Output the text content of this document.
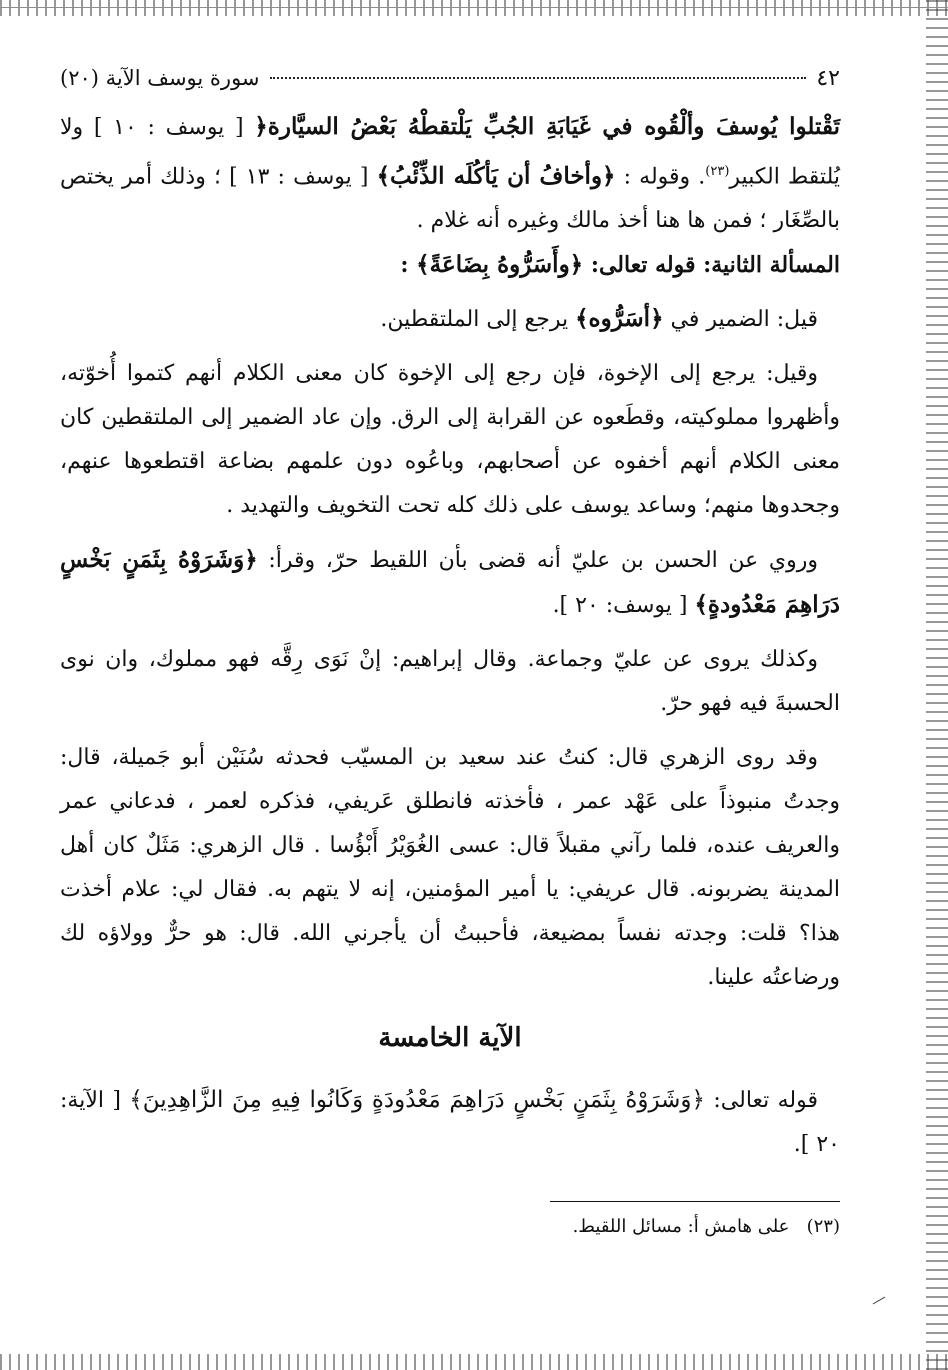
٤٢
سورة يوسف الآية (٢٠)

تَقْتلوا يُوسفَ وألْقُوه في غَيَابَةِ الجُبِّ يَلْتقطْهُ بَعْضُ السيَّارة﴿ [ يوسف : ١٠ ] ولا يُلتقط الكبير$^{(٢٣)}$. وقوله : ﴿وأخافُ أن يَأكُلَه الذِّئْبُ﴾ [ يوسف : ١٣ ] ؛ وذلك أمر يختص بالصِّغَار ؛ فمن ها هنا أخذ مالك وغيره أنه غلام .

المسألة الثانية: قوله تعالى: ﴿وأَسَرُّوهُ بِضَاعَةً﴾ :

قيل: الضمير في ﴿أسَرُّوه﴾ يرجع إلى الملتقطين.

وقيل: يرجع إلى الإخوة، فإن رجع إلى الإخوة كان معنى الكلام أنهم كتموا أُخوّته، وأظهروا مملوكيته، وقطَعوه عن القرابة إلى الرق. وإن عاد الضمير إلى الملتقطين كان معنى الكلام أنهم أخفوه عن أصحابهم، وباعُوه دون علمهم بضاعة اقتطعوها عنهم، وجحدوها منهم؛ وساعد يوسف على ذلك كله تحت التخويف والتهديد .

وروي عن الحسن بن عليّ أنه قضى بأن اللقيط حرّ، وقرأ: ﴿وَشَرَوْهُ بِثَمَنٍ بَخْسٍ دَرَاهِمَ مَعْدُودةٍ﴾ [ يوسف: ٢٠ ].

وكذلك يروى عن عليّ وجماعة. وقال إبراهيم: إنْ نَوَى رِقَّه فهو مملوك، وان نوى الحسبةَ فيه فهو حرّ.

وقد روى الزهري قال: كنتُ عند سعيد بن المسيّب فحدثه سُنَيْن أبو جَميلة، قال: وجدتُ منبوذاً على عَهْد عمر ، فأخذته فانطلق عَريفي، فذكره لعمر ، فدعاني عمر والعريف عنده، فلما رآني مقبلاً قال: عسى الغُوَيْرُ أَبْؤُسا . قال الزهري: مَثَلٌ كان أهل المدينة يضربونه. قال عريفي: يا أمير المؤمنين، إنه لا يتهم به. فقال لي: علام أخذت هذا؟ قلت: وجدته نفساً بمضيعة، فأحببتُ أن يأجرني الله. قال: هو حرٌّ وولاؤه لك ورضاعتُه علينا.

الآية الخامسة

قوله تعالى: ﴿وَشَرَوْهُ بِثَمَنٍ بَخْسٍ دَرَاهِمَ مَعْدُودَةٍ وَكَانُوا فِيهِ مِنَ الزَّاهِدِينَ﴾ [ الآية: ٢٠ ].

(٢٣)   على هامش أ: مسائل اللقيط.
